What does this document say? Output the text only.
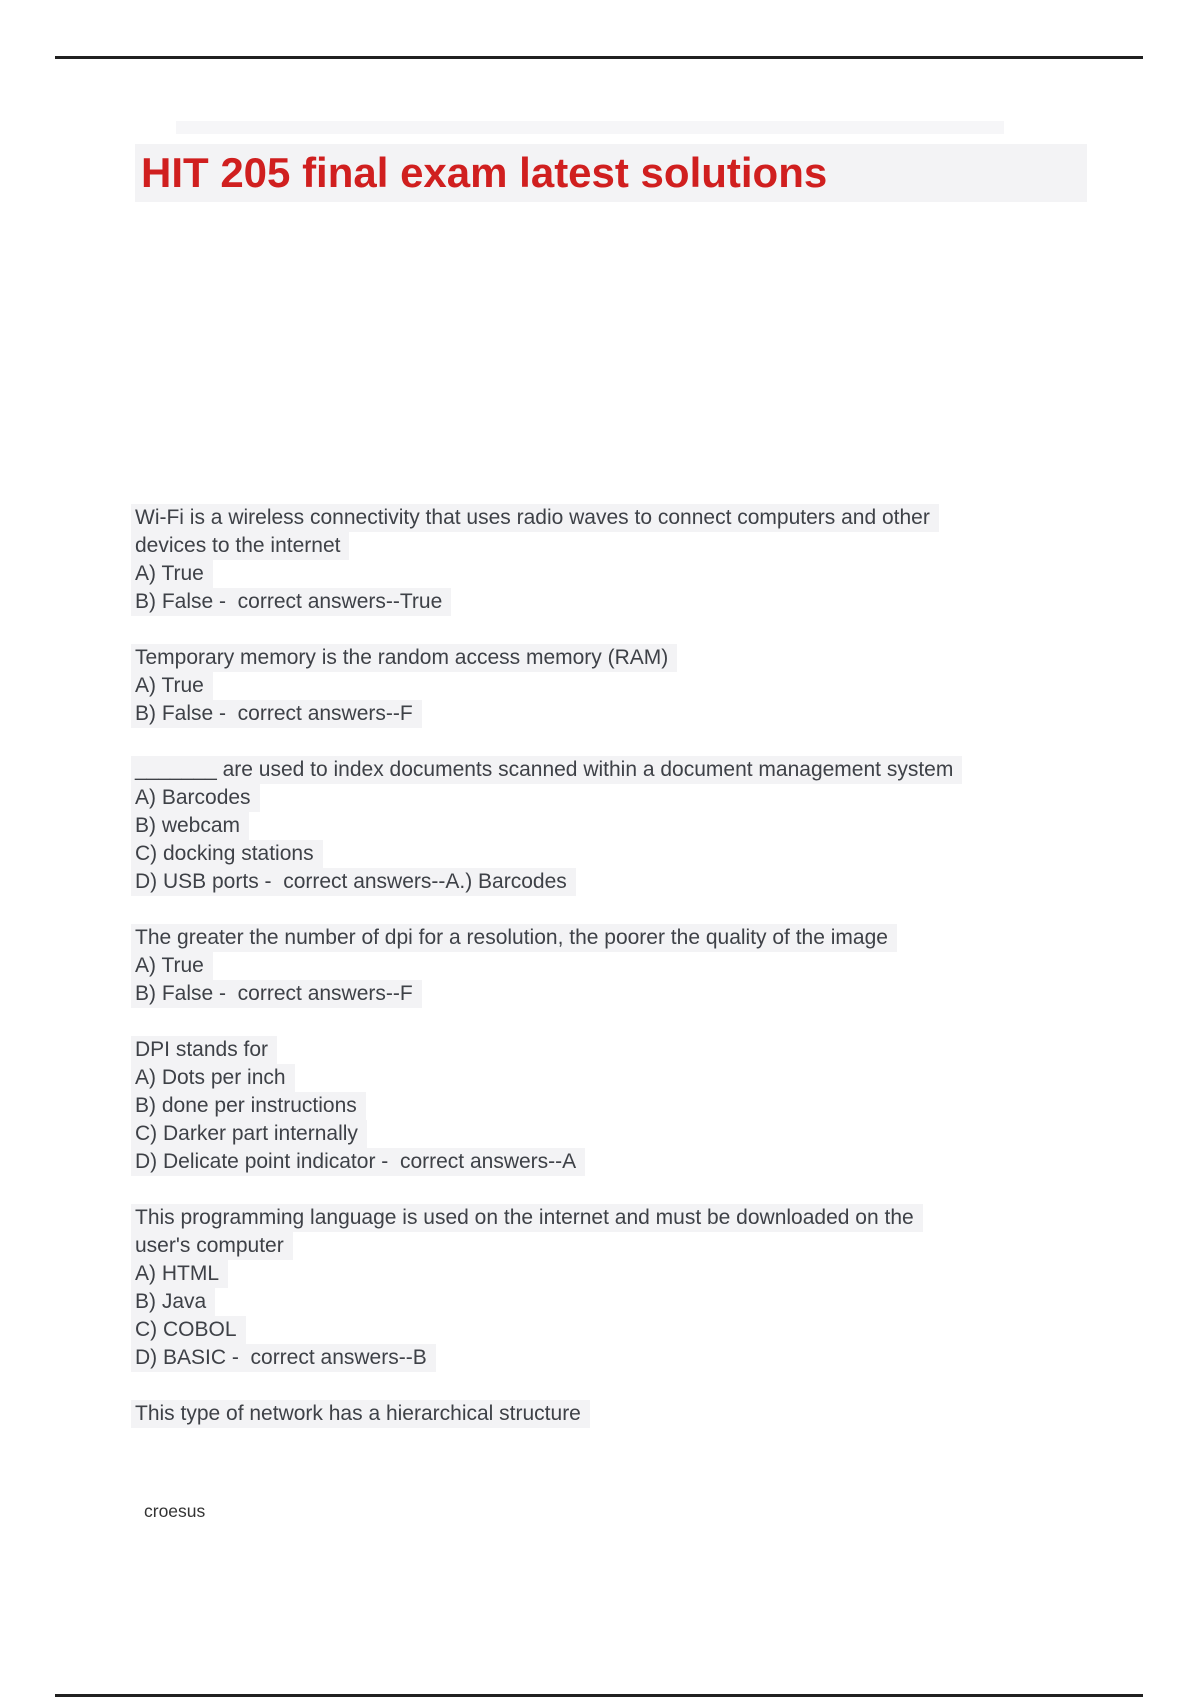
HIT 205 final exam latest solutions
Wi-Fi is a wireless connectivity that uses radio waves to connect computers and other
devices to the internet
A) True
B) False -  correct answers--True
Temporary memory is the random access memory (RAM)
A) True
B) False -  correct answers--F
_______ are used to index documents scanned within a document management system
A) Barcodes
B) webcam
C) docking stations
D) USB ports -  correct answers--A.) Barcodes
The greater the number of dpi for a resolution, the poorer the quality of the image
A) True
B) False -  correct answers--F
DPI stands for
A) Dots per inch
B) done per instructions
C) Darker part internally
D) Delicate point indicator -  correct answers--A
This programming language is used on the internet and must be downloaded on the
user's computer
A) HTML
B) Java
C) COBOL
D) BASIC -  correct answers--B
This type of network has a hierarchical structure
croesus
